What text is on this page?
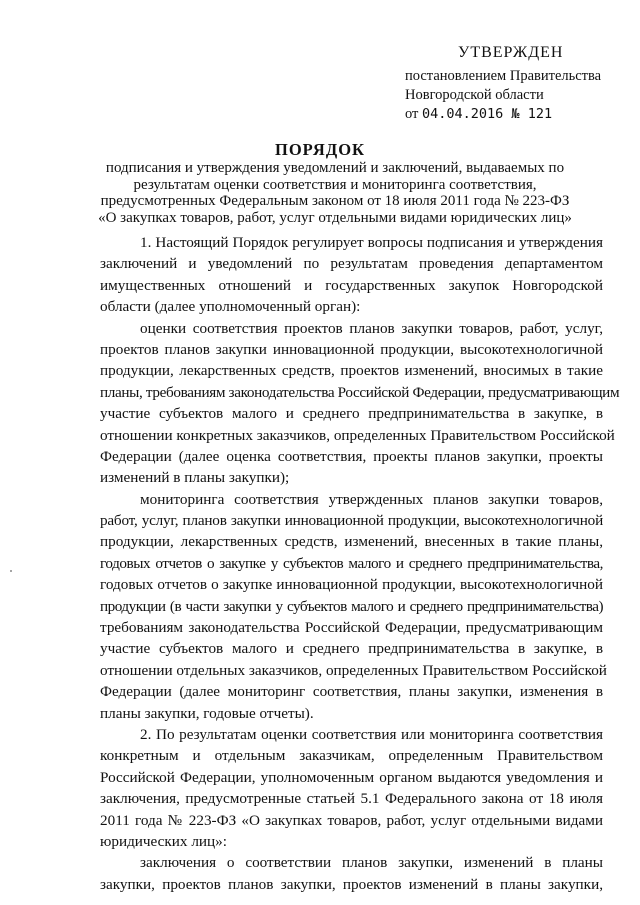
УТВЕРЖДЕН
постановлением Правительства
Новгородской области
от 04.04.2016 № 121
ПОРЯДОК
подписания и утверждения уведомлений и заключений, выдаваемых по
результатам оценки соответствия и мониторинга соответствия,
предусмотренных Федеральным законом от 18 июля 2011 года № 223-ФЗ
«О закупках товаров, работ, услуг отдельными видами юридических лиц»
1. Настоящий Порядок регулирует вопросы подписания и утверждения
заключений и уведомлений по результатам проведения департаментом
имущественных отношений и государственных закупок Новгородской
области (далее уполномоченный орган):
оценки соответствия проектов планов закупки товаров, работ, услуг,
проектов планов закупки инновационной продукции, высокотехнологичной
продукции, лекарственных средств, проектов изменений, вносимых в такие
планы, требованиям законодательства Российской Федерации, предусматривающим
участие субъектов малого и среднего предпринимательства в закупке, в
отношении конкретных заказчиков, определенных Правительством Российской
Федерации (далее оценка соответствия, проекты планов закупки, проекты
изменений в планы закупки);
мониторинга соответствия утвержденных планов закупки товаров,
работ, услуг, планов закупки инновационной продукции, высокотехнологичной
продукции, лекарственных средств, изменений, внесенных в такие планы,
годовых отчетов о закупке у субъектов малого и среднего предпринимательства,
годовых отчетов о закупке инновационной продукции, высокотехнологичной
продукции (в части закупки у субъектов малого и среднего предпринимательства)
требованиям законодательства Российской Федерации, предусматривающим
участие субъектов малого и среднего предпринимательства в закупке, в
отношении отдельных заказчиков, определенных Правительством Российской
Федерации (далее мониторинг соответствия, планы закупки, изменения в
планы закупки, годовые отчеты).
2. По результатам оценки соответствия или мониторинга соответствия
конкретным и отдельным заказчикам, определенным Правительством
Российской Федерации, уполномоченным органом выдаются уведомления и
заключения, предусмотренные статьей 5.1 Федерального закона от 18 июля
2011 года № 223-ФЗ «О закупках товаров, работ, услуг отдельными видами
юридических лиц»:
заключения о соответствии планов закупки, изменений в планы
закупки, проектов планов закупки, проектов изменений в планы закупки,
